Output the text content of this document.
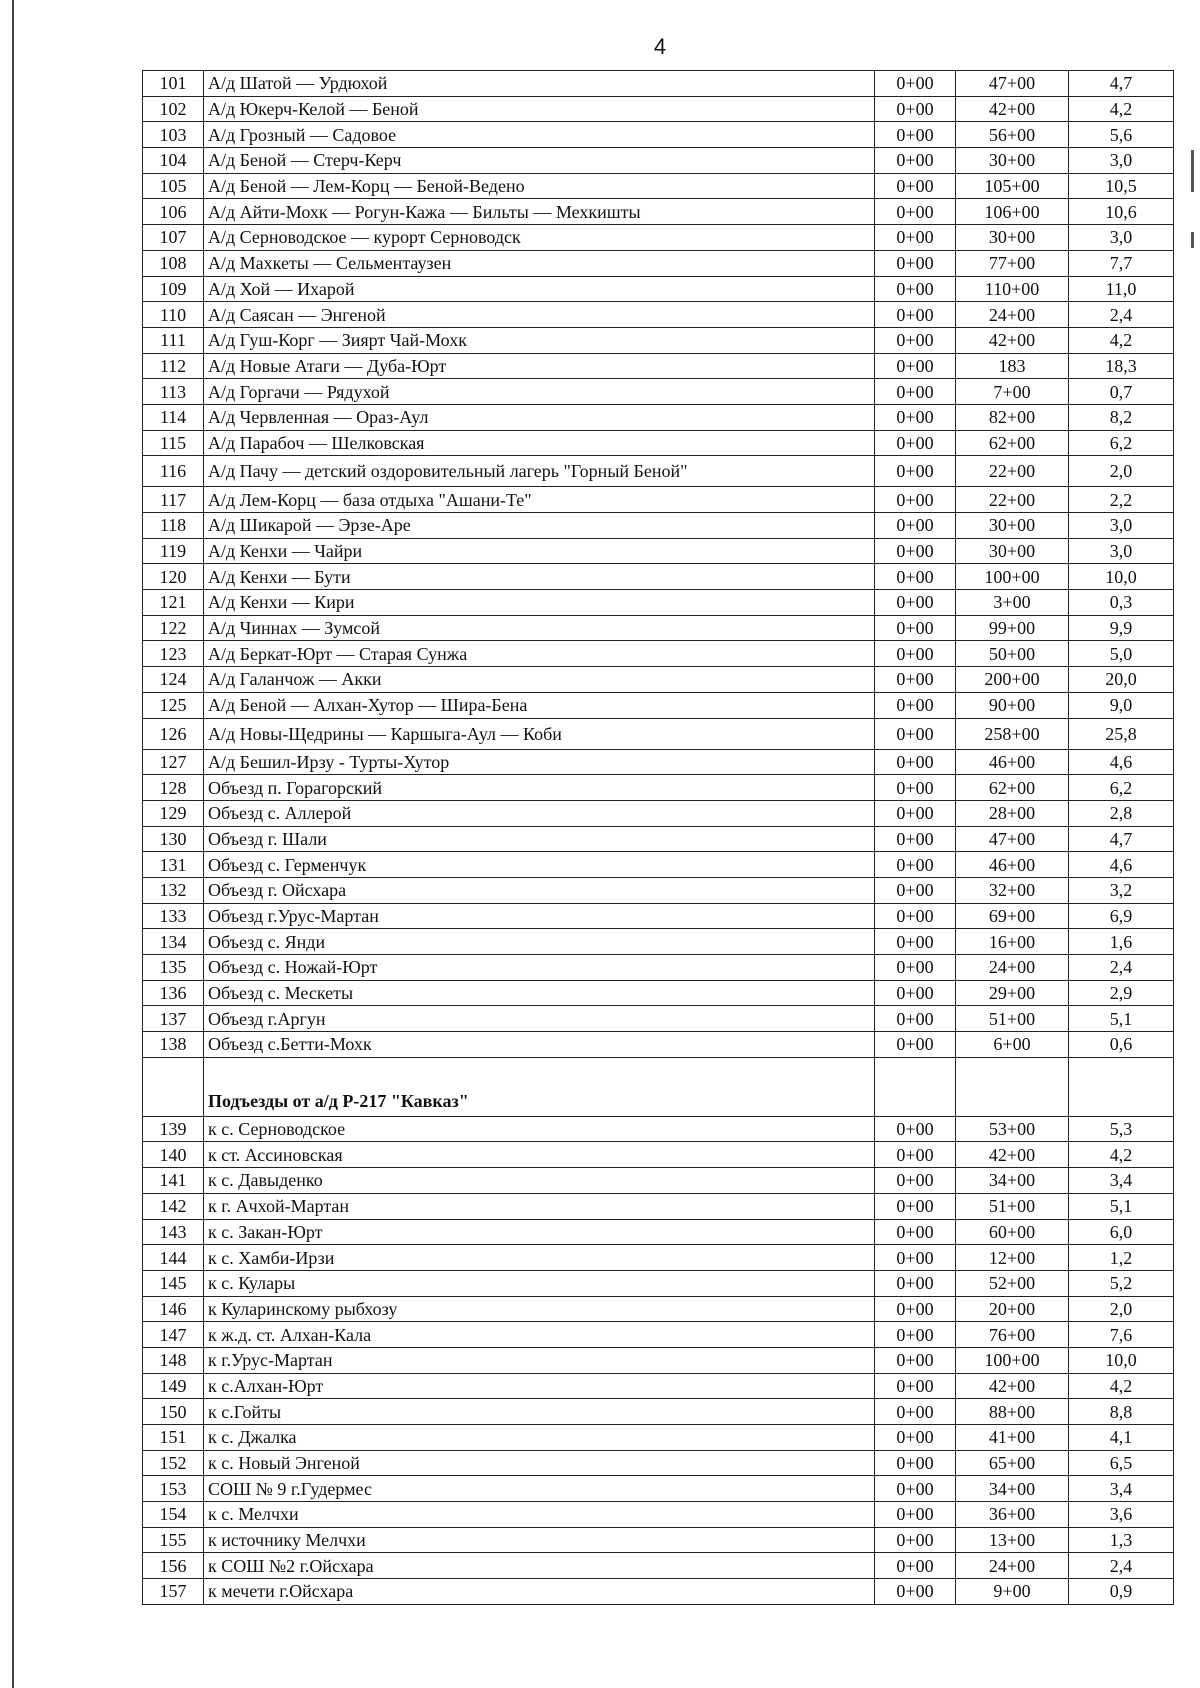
4
101	А/д Шатой — Урдюхой	0+00	47+00	4,7
102	А/д Юкерч-Келой — Беной	0+00	42+00	4,2
103	А/д Грозный — Садовое	0+00	56+00	5,6
104	А/д Беной — Стерч-Керч	0+00	30+00	3,0
105	А/д Беной — Лем-Корц — Беной-Ведено	0+00	105+00	10,5
106	А/д Айти-Мохк — Рогун-Кажа — Бильты — Мехкишты	0+00	106+00	10,6
107	А/д Серноводское — курорт Серноводск	0+00	30+00	3,0
108	А/д Махкеты — Сельментаузен	0+00	77+00	7,7
109	А/д Хой — Ихарой	0+00	110+00	11,0
110	А/д Саясан — Энгеной	0+00	24+00	2,4
111	А/д Гуш-Корг — Зиярт Чай-Мохк	0+00	42+00	4,2
112	А/д Новые Атаги — Дуба-Юрт	0+00	183	18,3
113	А/д Горгачи — Рядухой	0+00	7+00	0,7
114	А/д Червленная — Ораз-Аул	0+00	82+00	8,2
115	А/д Парабоч — Шелковская	0+00	62+00	6,2
116	А/д Пачу — детский оздоровительный лагерь "Горный Беной"	0+00	22+00	2,0
117	А/д Лем-Корц — база отдыха "Ашани-Те"	0+00	22+00	2,2
118	А/д Шикарой — Эрзе-Аре	0+00	30+00	3,0
119	А/д Кенхи — Чайри	0+00	30+00	3,0
120	А/д Кенхи — Бути	0+00	100+00	10,0
121	А/д Кенхи — Кири	0+00	3+00	0,3
122	А/д Чиннах — Зумсой	0+00	99+00	9,9
123	А/д Беркат-Юрт — Старая Сунжа	0+00	50+00	5,0
124	А/д Галанчож — Акки	0+00	200+00	20,0
125	А/д Беной — Алхан-Хутор — Шира-Бена	0+00	90+00	9,0
126	А/д Новы-Щедрины — Каршыга-Аул — Коби	0+00	258+00	25,8
127	А/д Бешил-Ирзу - Турты-Хутор	0+00	46+00	4,6
128	Объезд п. Горагорский	0+00	62+00	6,2
129	Объезд с. Аллерой	0+00	28+00	2,8
130	Объезд г. Шали	0+00	47+00	4,7
131	Объезд с. Герменчук	0+00	46+00	4,6
132	Объезд г. Ойсхара	0+00	32+00	3,2
133	Объезд г.Урус-Мартан	0+00	69+00	6,9
134	Объезд с. Янди	0+00	16+00	1,6
135	Объезд с. Ножай-Юрт	0+00	24+00	2,4
136	Объезд с. Мескеты	0+00	29+00	2,9
137	Объезд г.Аргун	0+00	51+00	5,1
138	Объезд с.Бетти-Мохк	0+00	6+00	0,6
	Подъезды от а/д Р-217 "Кавказ"			
139	к с. Серноводское	0+00	53+00	5,3
140	к ст. Ассиновская	0+00	42+00	4,2
141	к с. Давыденко	0+00	34+00	3,4
142	к г. Ачхой-Мартан	0+00	51+00	5,1
143	к с. Закан-Юрт	0+00	60+00	6,0
144	к с. Хамби-Ирзи	0+00	12+00	1,2
145	к с. Кулары	0+00	52+00	5,2
146	к Куларинскому рыбхозу	0+00	20+00	2,0
147	к ж.д. ст. Алхан-Кала	0+00	76+00	7,6
148	к г.Урус-Мартан	0+00	100+00	10,0
149	к с.Алхан-Юрт	0+00	42+00	4,2
150	к с.Гойты	0+00	88+00	8,8
151	к с. Джалка	0+00	41+00	4,1
152	к с. Новый Энгеной	0+00	65+00	6,5
153	СОШ № 9 г.Гудермес	0+00	34+00	3,4
154	к с. Мелчхи	0+00	36+00	3,6
155	к источнику Мелчхи	0+00	13+00	1,3
156	к СОШ №2 г.Ойсхара	0+00	24+00	2,4
157	к мечети г.Ойсхара	0+00	9+00	0,9
